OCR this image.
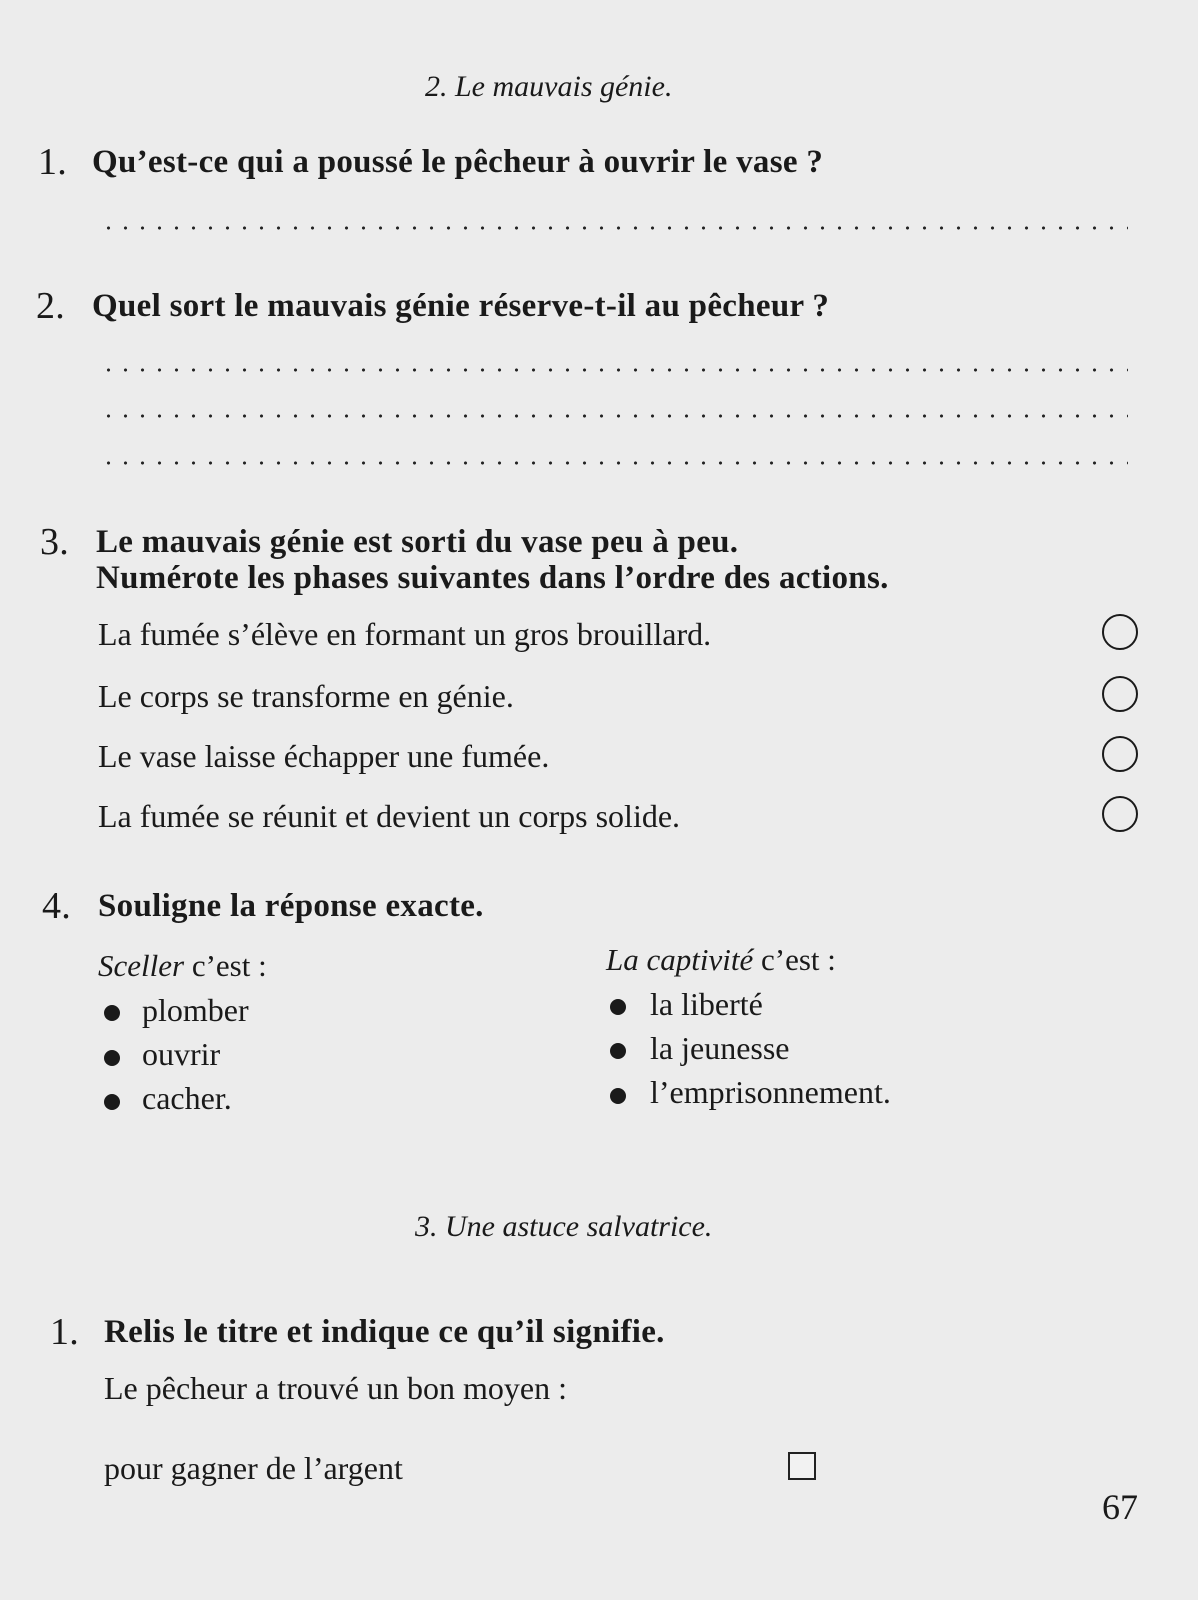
2. Le mauvais génie.
1. Qu’est-ce qui a poussé le pêcheur à ouvrir le vase ?
2. Quel sort le mauvais génie réserve-t-il au pêcheur ?
3. Le mauvais génie est sorti du vase peu à peu.
Numérote les phases suivantes dans l’ordre des actions.
La fumée s’élève en formant un gros brouillard.
Le corps se transforme en génie.
Le vase laisse échapper une fumée.
La fumée se réunit et devient un corps solide.
4. Souligne la réponse exacte.
Sceller c’est :
plomber
ouvrir
cacher.
La captivité c’est :
la liberté
la jeunesse
l’emprisonnement.
3. Une astuce salvatrice.
1. Relis le titre et indique ce qu’il signifie.
Le pêcheur a trouvé un bon moyen :
pour gagner de l’argent
67
